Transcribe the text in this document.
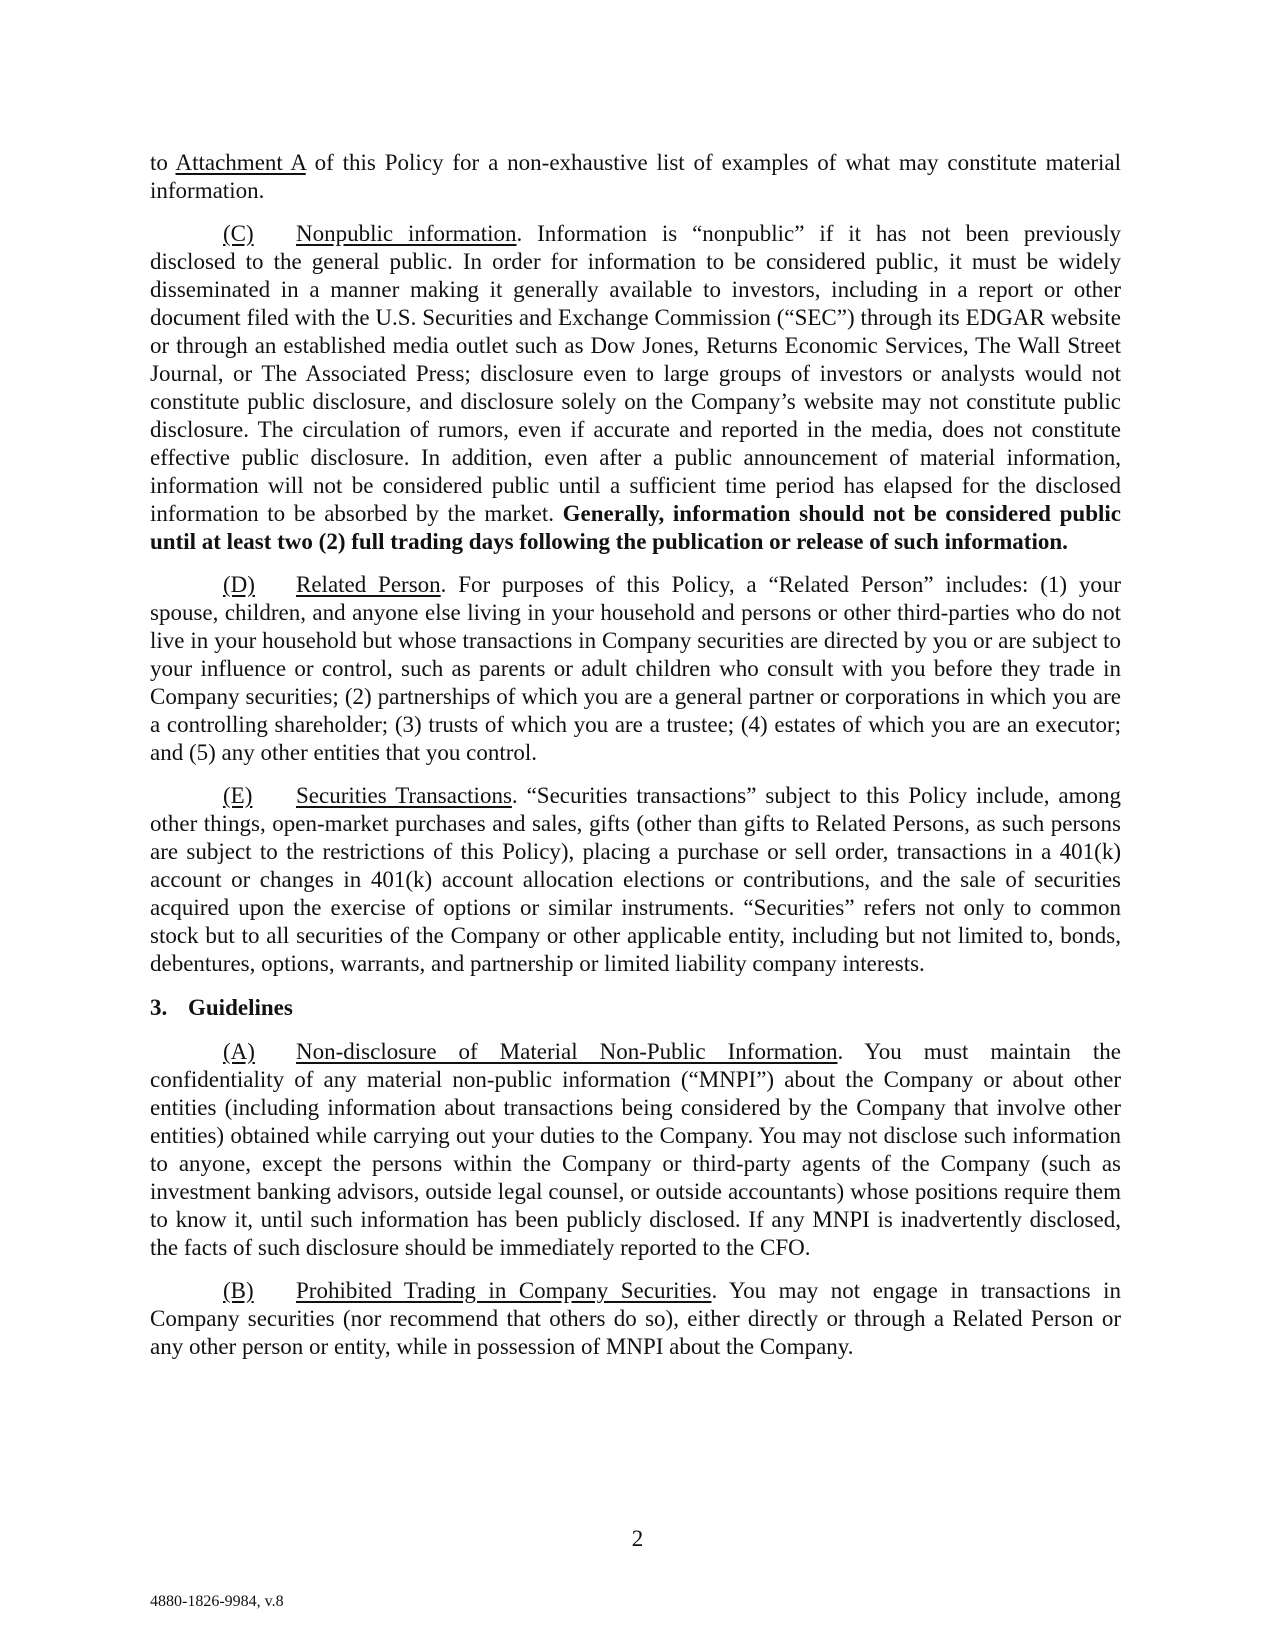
to Attachment A of this Policy for a non-exhaustive list of examples of what may constitute material information.

(C) Nonpublic information. Information is “nonpublic” if it has not been previously disclosed to the general public. In order for information to be considered public, it must be widely disseminated in a manner making it generally available to investors, including in a report or other document filed with the U.S. Securities and Exchange Commission (“SEC”) through its EDGAR website or through an established media outlet such as Dow Jones, Returns Economic Services, The Wall Street Journal, or The Associated Press; disclosure even to large groups of investors or analysts would not constitute public disclosure, and disclosure solely on the Company’s website may not constitute public disclosure. The circulation of rumors, even if accurate and reported in the media, does not constitute effective public disclosure. In addition, even after a public announcement of material information, information will not be considered public until a sufficient time period has elapsed for the disclosed information to be absorbed by the market. Generally, information should not be considered public until at least two (2) full trading days following the publication or release of such information.

(D) Related Person. For purposes of this Policy, a “Related Person” includes: (1) your spouse, children, and anyone else living in your household and persons or other third-parties who do not live in your household but whose transactions in Company securities are directed by you or are subject to your influence or control, such as parents or adult children who consult with you before they trade in Company securities; (2) partnerships of which you are a general partner or corporations in which you are a controlling shareholder; (3) trusts of which you are a trustee; (4) estates of which you are an executor; and (5) any other entities that you control.

(E) Securities Transactions. “Securities transactions” subject to this Policy include, among other things, open-market purchases and sales, gifts (other than gifts to Related Persons, as such persons are subject to the restrictions of this Policy), placing a purchase or sell order, transactions in a 401(k) account or changes in 401(k) account allocation elections or contributions, and the sale of securities acquired upon the exercise of options or similar instruments. “Securities” refers not only to common stock but to all securities of the Company or other applicable entity, including but not limited to, bonds, debentures, options, warrants, and partnership or limited liability company interests.

3. Guidelines

(A) Non-disclosure of Material Non-Public Information. You must maintain the confidentiality of any material non-public information (“MNPI”) about the Company or about other entities (including information about transactions being considered by the Company that involve other entities) obtained while carrying out your duties to the Company. You may not disclose such information to anyone, except the persons within the Company or third-party agents of the Company (such as investment banking advisors, outside legal counsel, or outside accountants) whose positions require them to know it, until such information has been publicly disclosed. If any MNPI is inadvertently disclosed, the facts of such disclosure should be immediately reported to the CFO.

(B) Prohibited Trading in Company Securities. You may not engage in transactions in Company securities (nor recommend that others do so), either directly or through a Related Person or any other person or entity, while in possession of MNPI about the Company.

2
4880-1826-9984, v.8
